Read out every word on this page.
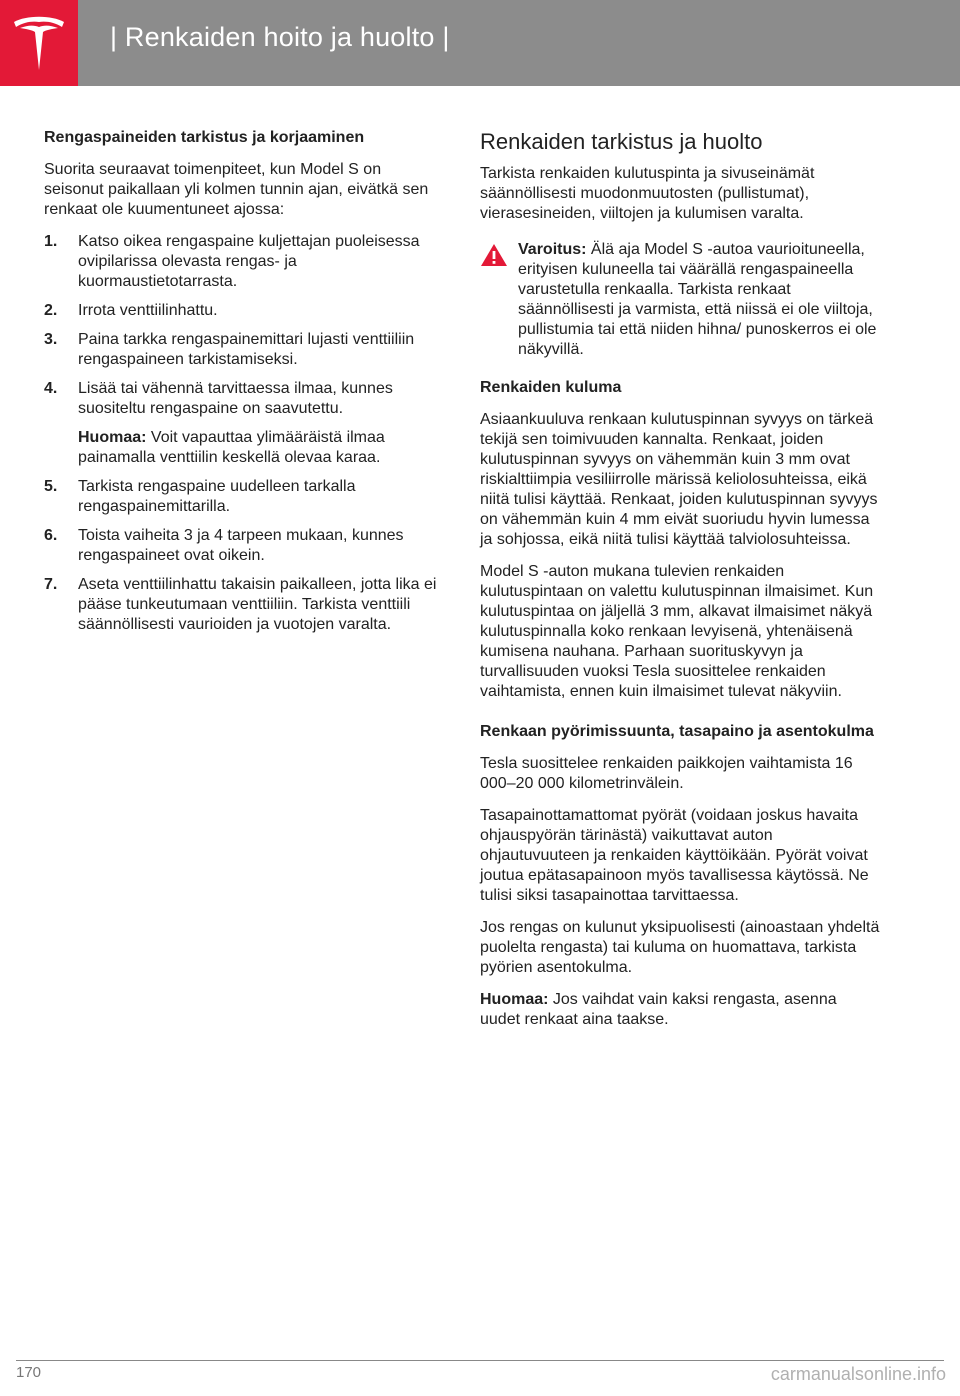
| Renkaiden hoito ja huolto |
Rengaspaineiden tarkistus ja korjaaminen

Suorita seuraavat toimenpiteet, kun Model S on seisonut paikallaan yli kolmen tunnin ajan, eivätkä sen renkaat ole kuumentuneet ajossa:

1. Katso oikea rengaspaine kuljettajan puoleisessa ovipilarissa olevasta rengas- ja kuormaustietotarrasta.
2. Irrota venttiilinhattu.
3. Paina tarkka rengaspainemittari lujasti venttiiliin rengaspaineen tarkistamiseksi.
4. Lisää tai vähennä tarvittaessa ilmaa, kunnes suositeltu rengaspaine on saavutettu.
Huomaa: Voit vapauttaa ylimääräistä ilmaa painamalla venttiilin keskellä olevaa karaa.
5. Tarkista rengaspaine uudelleen tarkalla rengaspainemittarilla.
6. Toista vaiheita 3 ja 4 tarpeen mukaan, kunnes rengaspaineet ovat oikein.
7. Aseta venttiilinhattu takaisin paikalleen, jotta lika ei pääse tunkeutumaan venttiiliin. Tarkista venttiili säännöllisesti vaurioiden ja vuotojen varalta.
Renkaiden tarkistus ja huolto

Tarkista renkaiden kulutuspinta ja sivuseinämät säännöllisesti muodonmuutosten (pullistumat), vierasesineiden, viiltojen ja kulumisen varalta.

Varoitus: Älä aja Model S -autoa vaurioituneella, erityisen kuluneella tai väärällä rengaspaineella varustetulla renkaalla. Tarkista renkaat säännöllisesti ja varmista, että niissä ei ole viiltoja, pullistumia tai että niiden hihna/ punoskerros ei ole näkyvillä.
Renkaiden kuluma

Asiaankuuluva renkaan kulutuspinnan syvyys on tärkeä tekijä sen toimivuuden kannalta. Renkaat, joiden kulutuspinnan syvyys on vähemmän kuin 3 mm ovat riskialttiimpia vesiliirrolle märissä keliolosuhteissa, eikä niitä tulisi käyttää. Renkaat, joiden kulutuspinnan syvyys on vähemmän kuin 4 mm eivät suoriudu hyvin lumessa ja sohjossa, eikä niitä tulisi käyttää talviolosuhteissa.

Model S -auton mukana tulevien renkaiden kulutuspintaan on valettu kulutuspinnan ilmaisimet. Kun kulutuspintaa on jäljellä 3 mm, alkavat ilmaisimet näkyä kulutuspinnalla koko renkaan levyisenä, yhtenäisenä kumisena nauhana. Parhaan suorituskyvyn ja turvallisuuden vuoksi Tesla suosittelee renkaiden vaihtamista, ennen kuin ilmaisimet tulevat näkyviin.

Renkaan pyörimissuunta, tasapaino ja asentokulma

Tesla suosittelee renkaiden paikkojen vaihtamista 16 000–20 000 kilometrinvälein.

Tasapainottamattomat pyörät (voidaan joskus havaita ohjauspyörän tärinästä) vaikuttavat auton ohjautuvuuteen ja renkaiden käyttöikään. Pyörät voivat joutua epätasapainoon myös tavallisessa käytössä. Ne tulisi siksi tasapainottaa tarvittaessa.

Jos rengas on kulunut yksipuolisesti (ainoastaan yhdeltä puolelta rengasta) tai kuluma on huomattava, tarkista pyörien asentokulma.

Huomaa: Jos vaihdat vain kaksi rengasta, asenna uudet renkaat aina taakse.

170	carmanualsonline.info
